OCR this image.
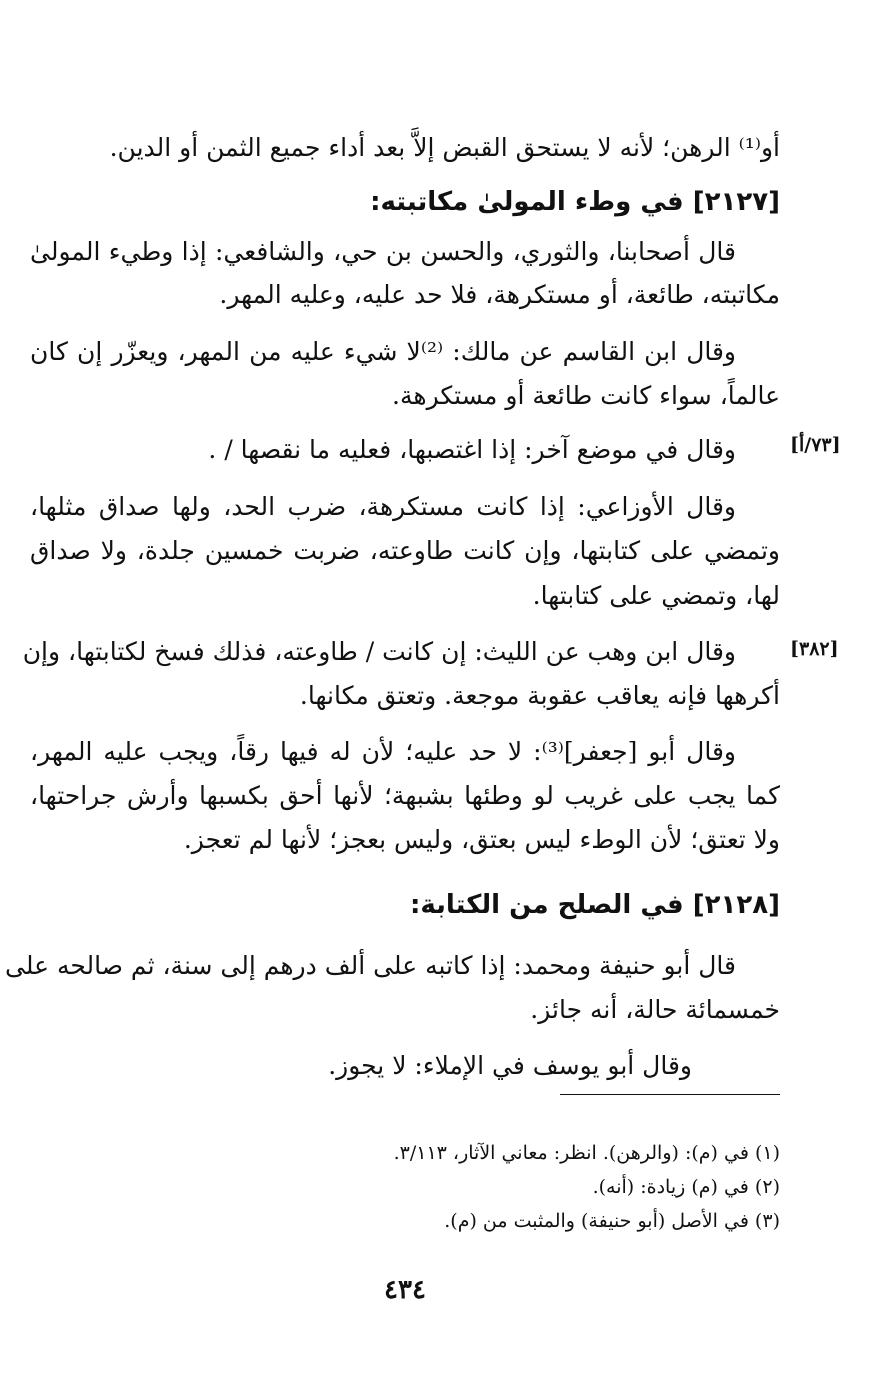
أو⁽¹⁾ الرهن؛ لأنه لا يستحق القبض إلاَّ بعد أداء جميع الثمن أو الدين.

[٢١٢٧] في وطء المولىٰ مكاتبته:

قال أصحابنا، والثوري، والحسن بن حي، والشافعي: إذا وطيء المولىٰ

مكاتبته، طائعة، أو مستكرهة، فلا حد عليه، وعليه المهر.

وقال ابن القاسم عن مالك: ⁽²⁾لا شيء عليه من المهر، ويعزّر إن كان

عالماً، سواء كانت طائعة أو مستكرهة.

وقال في موضع آخر: إذا اغتصبها، فعليه ما نقصها / .

وقال الأوزاعي: إذا كانت مستكرهة، ضرب الحد، ولها صداق مثلها،

وتمضي على كتابتها، وإن كانت طاوعته، ضربت خمسين جلدة، ولا صداق

لها، وتمضي على كتابتها.

وقال ابن وهب عن الليث: إن كانت / طاوعته، فذلك فسخ لكتابتها، وإن

أكرهها فإنه يعاقب عقوبة موجعة. وتعتق مكانها.

وقال أبو [جعفر]⁽³⁾: لا حد عليه؛ لأن له فيها رقاً، ويجب عليه المهر،

كما يجب على غريب لو وطئها بشبهة؛ لأنها أحق بكسبها وأرش جراحتها،

ولا تعتق؛ لأن الوطء ليس بعتق، وليس بعجز؛ لأنها لم تعجز.

[٢١٢٨] في الصلح من الكتابة:

قال أبو حنيفة ومحمد: إذا كاتبه على ألف درهم إلى سنة، ثم صالحه على

خمسمائة حالة، أنه جائز.

وقال أبو يوسف في الإملاء: لا يجوز.

(١) في (م): (والرهن). انظر: معاني الآثار، ٣/١١٣.

(٢) في (م) زيادة: (أنه).

(٣) في الأصل (أبو حنيفة) والمثبت من (م).

[٧٣/أ]
[٣٨٢]
٤٣٤
